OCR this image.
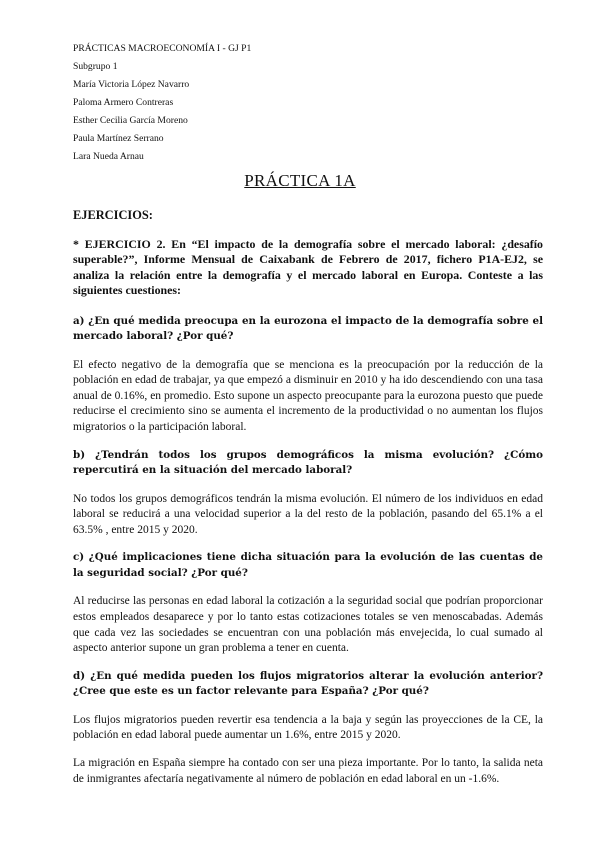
PRÁCTICAS MACROECONOMÍA I - GJ P1
Subgrupo 1
María Victoria López Navarro
Paloma Armero Contreras
Esther Cecilia García Moreno
Paula Martínez Serrano
Lara Nueda Arnau
PRÁCTICA 1A

EJERCICIOS:

* EJERCICIO 2. En “El impacto de la demografía sobre el mercado laboral: ¿desafío superable?”, Informe Mensual de Caixabank de Febrero de 2017, fichero P1A-EJ2, se analiza la relación entre la demografía y el mercado laboral en Europa. Conteste a las siguientes cuestiones:

a) ¿En qué medida preocupa en la eurozona el impacto de la demografía sobre el mercado laboral? ¿Por qué?

El efecto negativo de la demografía que se menciona es la preocupación por la reducción de la población en edad de trabajar, ya que empezó a disminuir en 2010 y ha ido descendiendo con una tasa anual de 0.16%, en promedio. Esto supone un aspecto preocupante para la eurozona puesto que puede reducirse el crecimiento sino se aumenta el incremento de la productividad o no aumentan los flujos migratorios o la participación laboral.

b) ¿Tendrán todos los grupos demográficos la misma evolución? ¿Cómo repercutirá en la situación del mercado laboral?

No todos los grupos demográficos tendrán la misma evolución. El número de los individuos en edad laboral se reducirá a una velocidad superior a la del resto de la población, pasando del 65.1% a el 63.5% , entre 2015 y 2020.

c) ¿Qué implicaciones tiene dicha situación para la evolución de las cuentas de la seguridad social? ¿Por qué?

Al reducirse las personas en edad laboral la cotización a la seguridad social que podrían proporcionar estos empleados desaparece y por lo tanto estas cotizaciones totales se ven menoscabadas. Además que cada vez las sociedades se encuentran con una población más envejecida, lo cual sumado al aspecto anterior supone un gran problema a tener en cuenta.

d) ¿En qué medida pueden los flujos migratorios alterar la evolución anterior? ¿Cree que este es un factor relevante para España? ¿Por qué?

Los flujos migratorios pueden revertir esa tendencia a la baja y según las proyecciones de la CE, la población en edad laboral puede aumentar un 1.6%, entre 2015 y 2020.

La migración en España siempre ha contado con ser una pieza importante. Por lo tanto, la salida neta de inmigrantes afectaría negativamente al número de población en edad laboral en un -1.6%.
